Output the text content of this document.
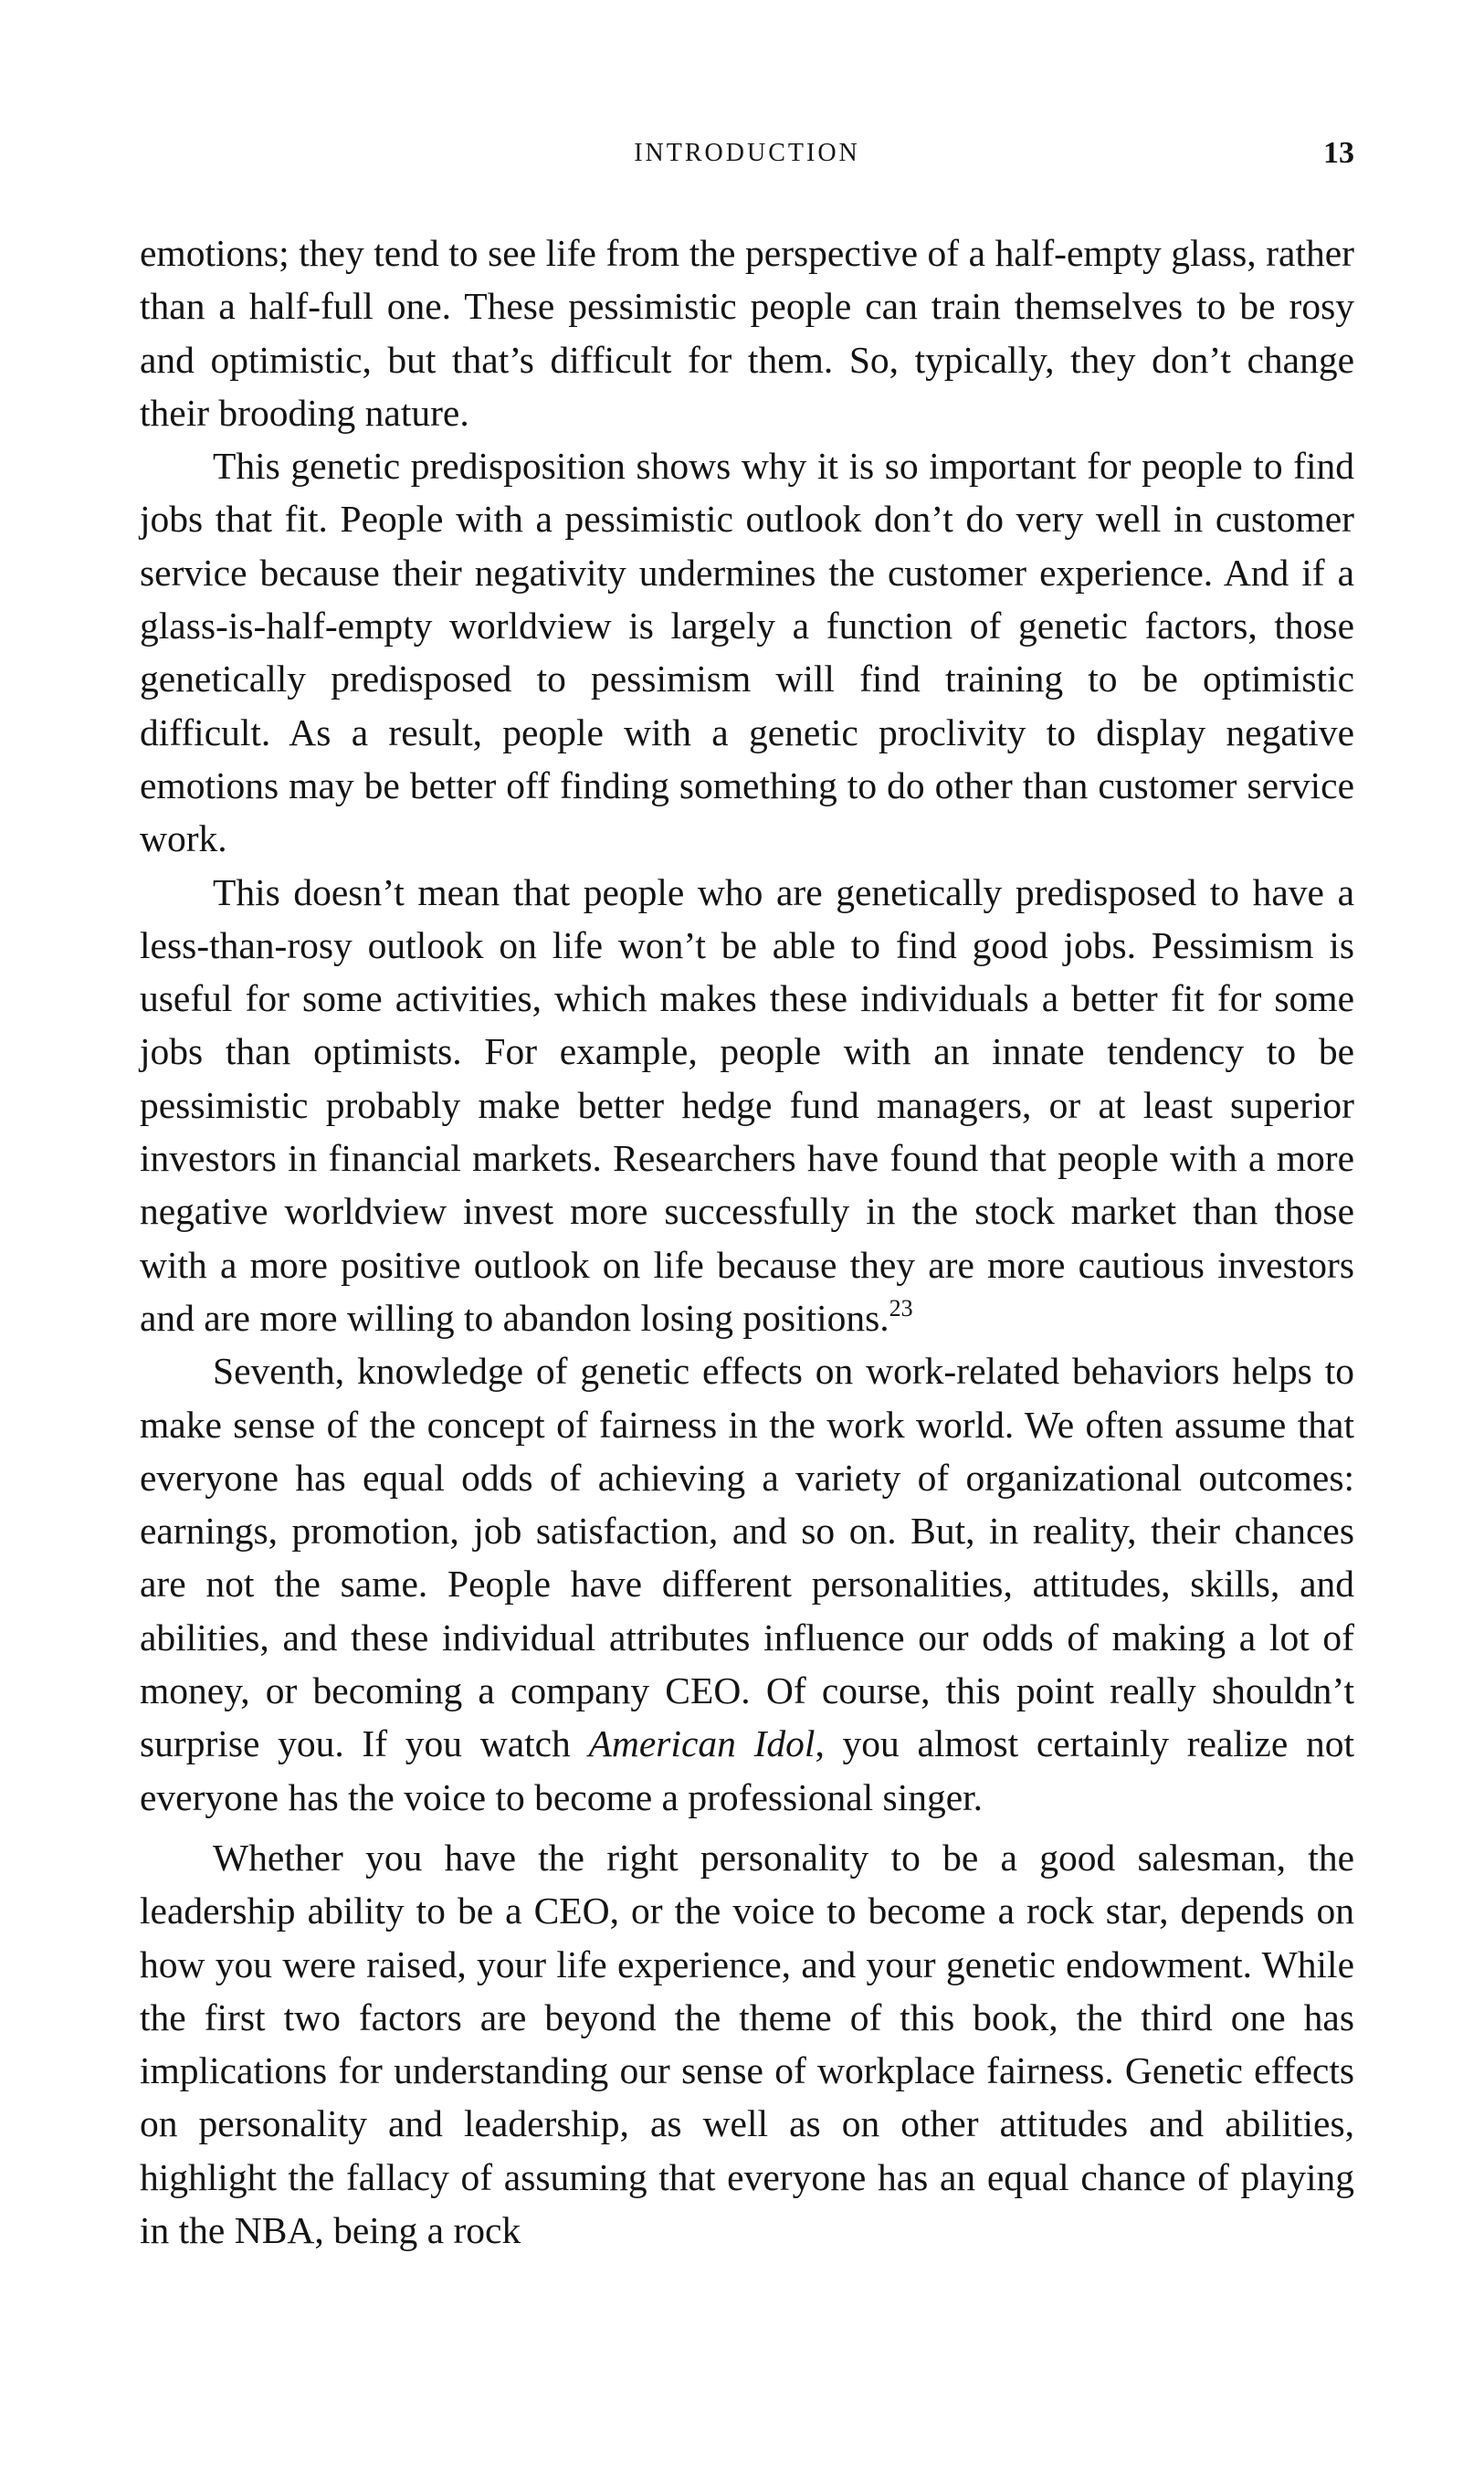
INTRODUCTION	13

emotions; they tend to see life from the perspective of a half-empty glass, rather than a half-full one. These pessimistic people can train themselves to be rosy and optimistic, but that’s difficult for them. So, typically, they don’t change their brooding nature.

This genetic predisposition shows why it is so important for people to find jobs that fit. People with a pessimistic outlook don’t do very well in customer service because their negativity undermines the customer experience. And if a glass-is-half-empty worldview is largely a function of genetic factors, those genetically predisposed to pessimism will find training to be optimistic difficult. As a result, people with a genetic proclivity to display negative emotions may be better off finding something to do other than customer service work.

This doesn’t mean that people who are genetically predisposed to have a less-than-rosy outlook on life won’t be able to find good jobs. Pessimism is useful for some activities, which makes these individuals a better fit for some jobs than optimists. For example, people with an innate tendency to be pessimistic probably make better hedge fund managers, or at least superior investors in financial markets. Researchers have found that people with a more negative worldview invest more successfully in the stock market than those with a more positive outlook on life because they are more cautious investors and are more willing to abandon losing positions.$^{23}$

Seventh, knowledge of genetic effects on work-related behaviors helps to make sense of the concept of fairness in the work world. We often assume that everyone has equal odds of achieving a variety of organizational outcomes: earnings, promotion, job satisfaction, and so on. But, in reality, their chances are not the same. People have different personalities, attitudes, skills, and abilities, and these individual attributes influence our odds of making a lot of money, or becoming a company CEO. Of course, this point really shouldn’t surprise you. If you watch American Idol, you almost certainly realize not everyone has the voice to become a professional singer.

Whether you have the right personality to be a good salesman, the leadership ability to be a CEO, or the voice to become a rock star, depends on how you were raised, your life experience, and your genetic endowment. While the first two factors are beyond the theme of this book, the third one has implications for understanding our sense of workplace fairness. Genetic effects on personality and leadership, as well as on other attitudes and abilities, highlight the fallacy of assuming that everyone has an equal chance of playing in the NBA, being a rock
